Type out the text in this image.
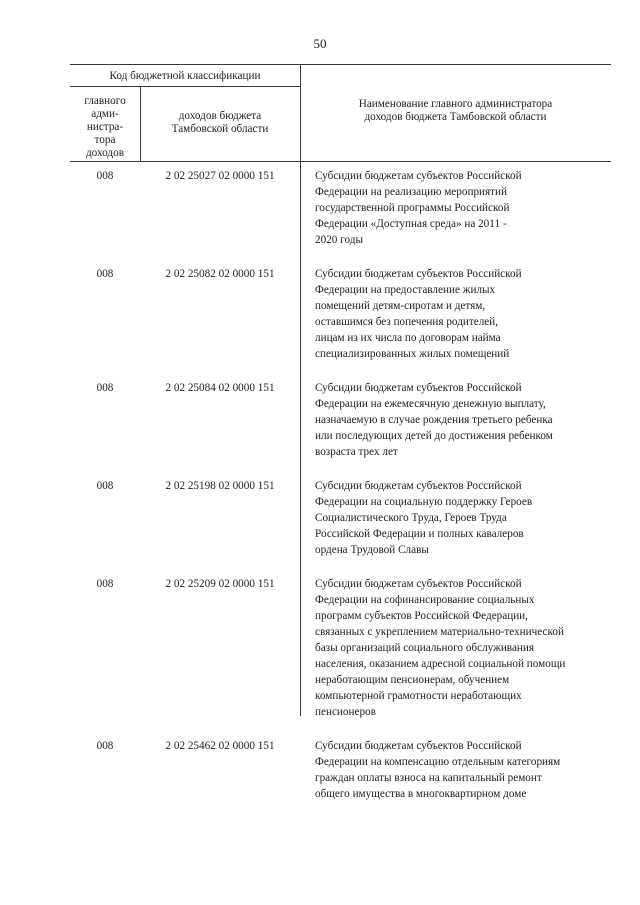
50
Код бюджетной классификации
главного
адми-
нистра-
тора
доходов
доходов бюджета
Тамбовской области
Наименование главного администратора
доходов бюджета Тамбовской области
008	2 02 25027 02 0000 151	Субсидии бюджетам субъектов Российской
Федерации на реализацию мероприятий
государственной программы Российской
Федерации «Доступная среда» на 2011 -
2020 годы
008	2 02 25082 02 0000 151	Субсидии бюджетам субъектов Российской
Федерации на предоставление жилых
помещений детям-сиротам и детям,
оставшимся без попечения родителей,
лицам из их числа по договорам найма
специализированных жилых помещений
008	2 02 25084 02 0000 151	Субсидии бюджетам субъектов Российской
Федерации на ежемесячную денежную выплату,
назначаемую в случае рождения третьего ребенка
или последующих детей до достижения ребенком
возраста трех лет
008	2 02 25198 02 0000 151	Субсидии бюджетам субъектов Российской
Федерации на социальную поддержку Героев
Социалистического Труда, Героев Труда
Российской Федерации и полных кавалеров
ордена Трудовой Славы
008	2 02 25209 02 0000 151	Субсидии бюджетам субъектов Российской
Федерации на софинансирование социальных
программ субъектов Российской Федерации,
связанных с укреплением материально-технической
базы организаций социального обслуживания
населения, оказанием адресной социальной помощи
неработающим пенсионерам, обучением
компьютерной грамотности неработающих
пенсионеров
008	2 02 25462 02 0000 151	Субсидии бюджетам субъектов Российской
Федерации на компенсацию отдельным категориям
граждан оплаты взноса на капитальный ремонт
общего имущества в многоквартирном доме
